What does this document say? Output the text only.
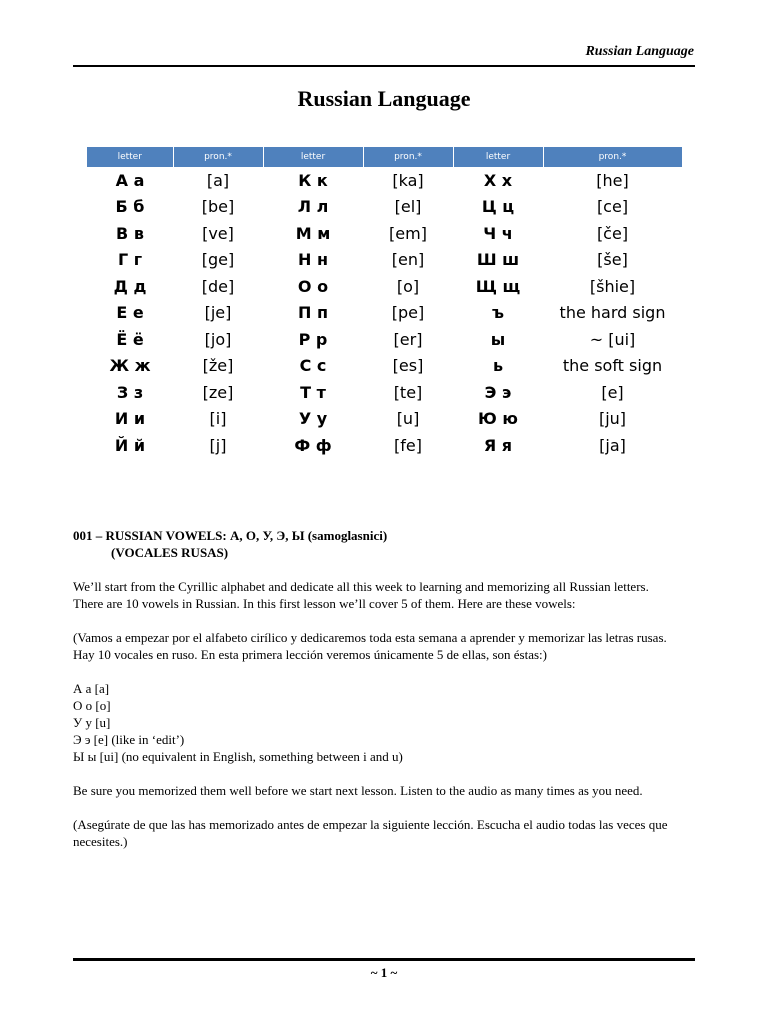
Russian Language
Russian Language
letter	pron.*	letter	pron.*	letter	pron.*
А а	[a]	К к	[ka]	Х х	[he]
Б б	[be]	Л л	[el]	Ц ц	[ce]
В в	[ve]	М м	[em]	Ч ч	[če]
Г г	[ge]	Н н	[en]	Ш ш	[še]
Д д	[de]	О о	[o]	Щ щ	[šhie]
Е е	[je]	П п	[pe]	ъ	the hard sign
Ё ё	[jo]	Р р	[er]	ы	~ [ui]
Ж ж	[že]	С с	[es]	ь	the soft sign
З з	[ze]	Т т	[te]	Э э	[e]
И и	[i]	У у	[u]	Ю ю	[ju]
Й й	[j]	Ф ф	[fe]	Я я	[ja]
001 – RUSSIAN VOWELS: А, О, У, Э, Ы (samoglasnici)
(VOCALES RUSAS)

We’ll start from the Cyrillic alphabet and dedicate all this week to learning and memorizing all Russian letters.

There are 10 vowels in Russian. In this first lesson we’ll cover 5 of them. Here are these vowels:

(Vamos a empezar por el alfabeto cirílico y dedicaremos toda esta semana a aprender y memorizar las letras rusas.

Hay 10 vocales en ruso. En esta primera lección veremos únicamente 5 de ellas, son éstas:)

А а [a]

О о [o]

У у [u]

Э э [e] (like in ‘edit’)

Ы ы [ui] (no equivalent in English, something between i and u)

Be sure you memorized them well before we start next lesson. Listen to the audio as many times as you need.

(Asegúrate de que las has memorizado antes de empezar la siguiente lección. Escucha el audio todas las veces que necesites.)

~ 1 ~
